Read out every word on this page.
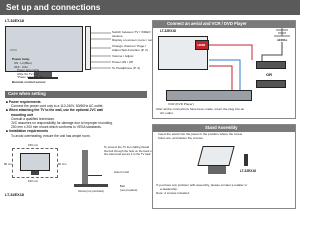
Set up and connections
LT-32EX18
Switch between TV / VIDEO
devices
Display on-screen menu / set
Change channel / Page /
Adjust Sub-Function (P. 2)
Volume / Adjust
Power ON / Off
To Headphone (P. 2)
Power lamp
ON : Lit (Blue)
OFF : Unlit
Power lamp lights
while the TV is on.
"Power Lamp" (P. 11)
Remote control sensor
Care when setting
■ Power requirements
Connect the power cord only to a 110-240V, 50/60Hz AC outlet.
■ When attaching the TV to the wall, use the optional JVC wall
mounting unit
Consult a qualified technician.
JVC assumes no responsibility for damage due to improper mounting.
200 mm x 200 mm mount which conforms to VESA standards.
■ Installation requirements
To avoid overheating, ensure the unit has ample room.
150 mm
50 mm
150 mm
50 mm
To prevent the TV from falling thread
the belt through the hole on the back of
the stand and secure it to the TV rack.
Hole for belt
Belt
(not provided)
Screw (not provided)
LT-32EX18
Connect an aerial and VCR / DVD Player
LT-32EX18
HDMI
AERIAL
OR
VCR (DVD Player)
After all the connections have been made, insert the plug into an
AC outlet.
Stand Assembly
Insert the stand into the panel in the position where the screw
holes are, and fasten the screws.
LT-32EX18
If you have any problem with assembly, please contact a retailer or
a dealership.
Note: 4 screws included.
